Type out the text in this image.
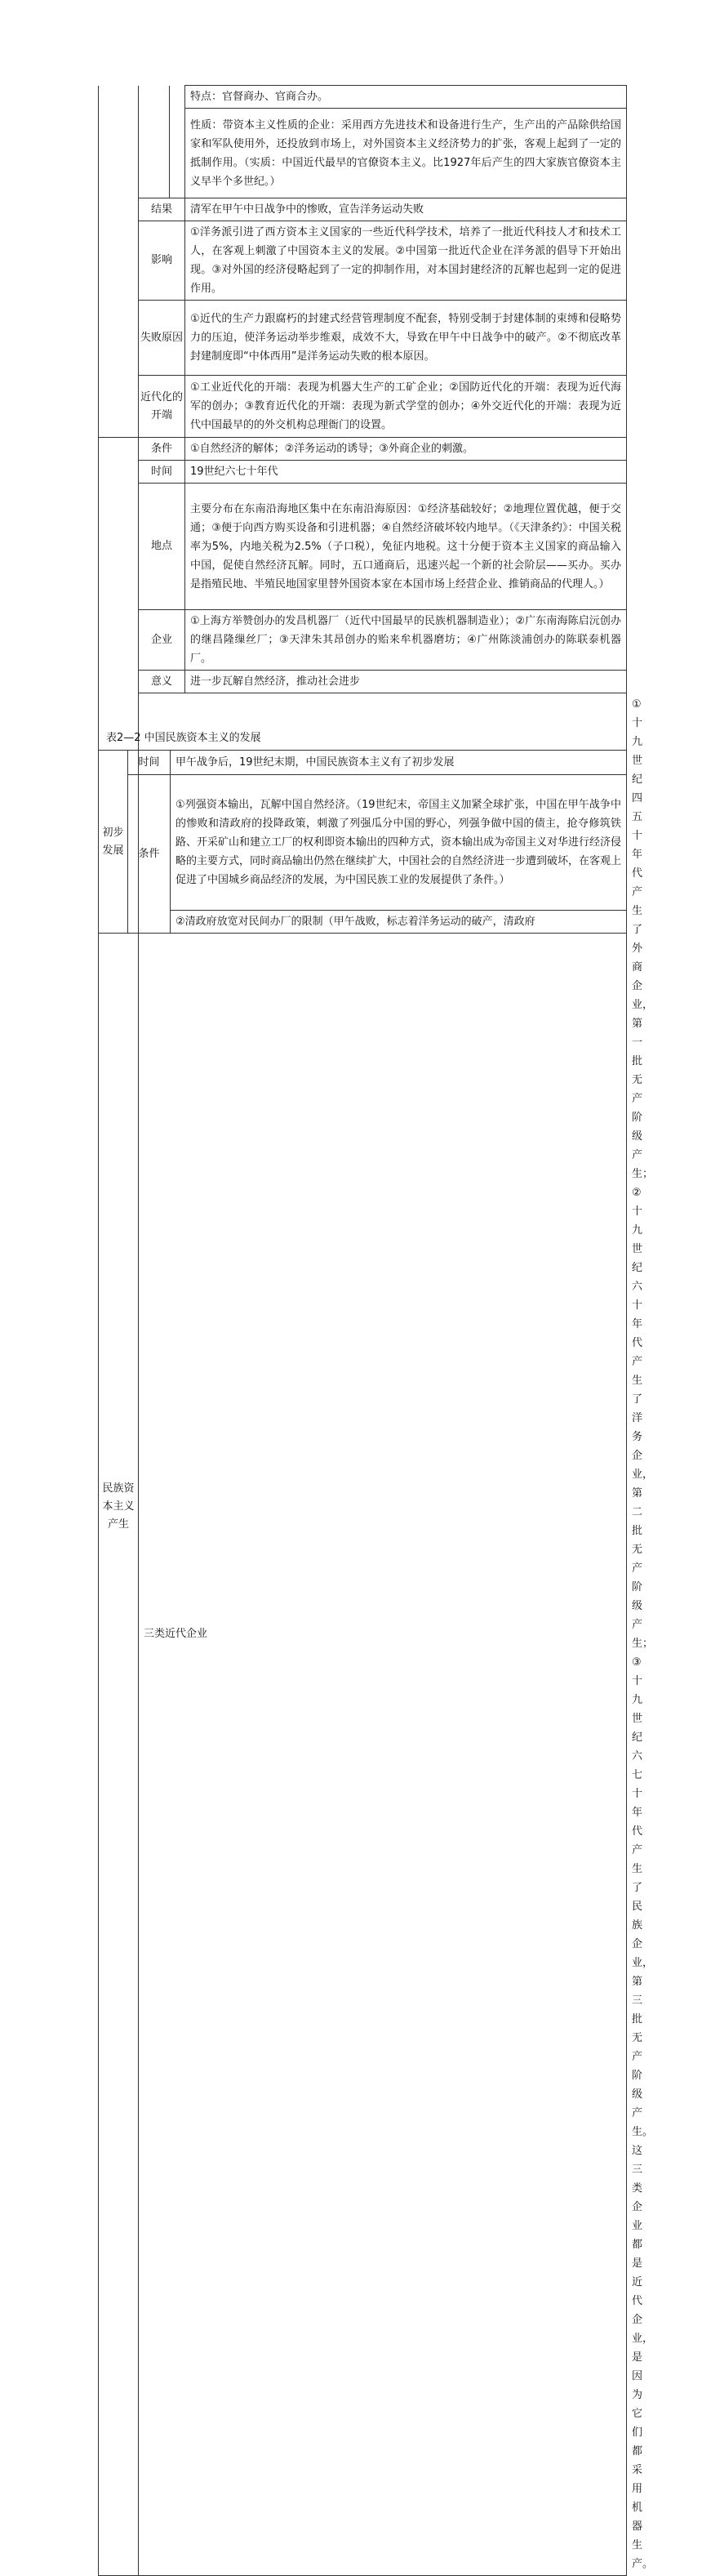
			特点：官督商办、官商合办。	
			性质：带资本主义性质的企业：采用西方先进技术和设备进行生产，生产出的产品除供给国家和军队使用外，还投放到市场上，对外国资本主义经济势力的扩张，客观上起到了一定的抵制作用。（实质：中国近代最早的官僚资本主义。比1927年后产生的四大家族官僚资本主义早半个多世纪。）	
	结果		清军在甲午中日战争中的惨败，宣告洋务运动失败	
	影响		①洋务派引进了西方资本主义国家的一些近代科学技术，培养了一批近代科技人才和技术工人，在客观上刺激了中国资本主义的发展。②中国第一批近代企业在洋务派的倡导下开始出现。③对外国的经济侵略起到了一定的抑制作用，对本国封建经济的瓦解也起到一定的促进作用。	
	失败原因		①近代的生产力跟腐朽的封建式经营管理制度不配套，特别受制于封建体制的束缚和侵略势力的压迫，使洋务运动举步维艰，成效不大，导致在甲午中日战争中的破产。②不彻底改革封建制度即“中体西用”是洋务运动失败的根本原因。	
	近代化的开端		①工业近代化的开端：表现为机器大生产的工矿企业；②国防近代化的开端：表现为近代海军的创办；③教育近代化的开端：表现为新式学堂的创办；④外交近代化的开端：表现为近代中国最早的的外交机构总理衙门的设置。	
民族资本主义产生	条件		①自然经济的解体；②洋务运动的诱导；③外商企业的刺激。	
	时间		19世纪六七十年代	
	地点		主要分布在东南沿海地区集中在东南沿海原因：①经济基础较好；②地理位置优越，便于交通；③便于向西方购买设备和引进机器；④自然经济破坏较内地早。（《天津条约》：中国关税率为5%，内地关税为2.5%（子口税），免征内地税。这十分便于资本主义国家的商品输入中国，促使自然经济瓦解。同时，五口通商后，迅速兴起一个新的社会阶层——买办。买办是指殖民地、半殖民地国家里替外国资本家在本国市场上经营企业、推销商品的代理人。）	
	企业		①上海方举赞创办的发昌机器厂（近代中国最早的民族机器制造业）；②广东南海陈启沅创办的继昌隆缫丝厂；③天津朱其昂创办的贻来牟机器磨坊；④广州陈淡浦创办的陈联泰机器厂。	
	意义		进一步瓦解自然经济，推动社会进步	
	三类近代企业			①十九世纪四五十年代产生了外商企业，第一批无产阶级产生；②十九世纪六十年代产生了洋务企业，第二批无产阶级产生；③十九世纪六七十年代产生了民族企业，第三批无产阶级产生。这三类企业都是近代企业，是因为它们都采用机器生产。
表2—2 中国民族资本主义的发展
初步发展	时间	甲午战争后，19世纪末期，中国民族资本主义有了初步发展
	条件	①列强资本输出，瓦解中国自然经济。（19世纪末，帝国主义加紧全球扩张，中国在甲午战争中的惨败和清政府的投降政策，刺激了列强瓜分中国的野心，列强争做中国的债主，抢夺修筑铁路、开采矿山和建立工厂的权利即资本输出的四种方式，资本输出成为帝国主义对华进行经济侵略的主要方式，同时商品输出仍然在继续扩大，中国社会的自然经济进一步遭到破坏，在客观上促进了中国城乡商品经济的发展，为中国民族工业的发展提供了条件。）
		②清政府放宽对民间办厂的限制（甲午战败，标志着洋务运动的破产，清政府
